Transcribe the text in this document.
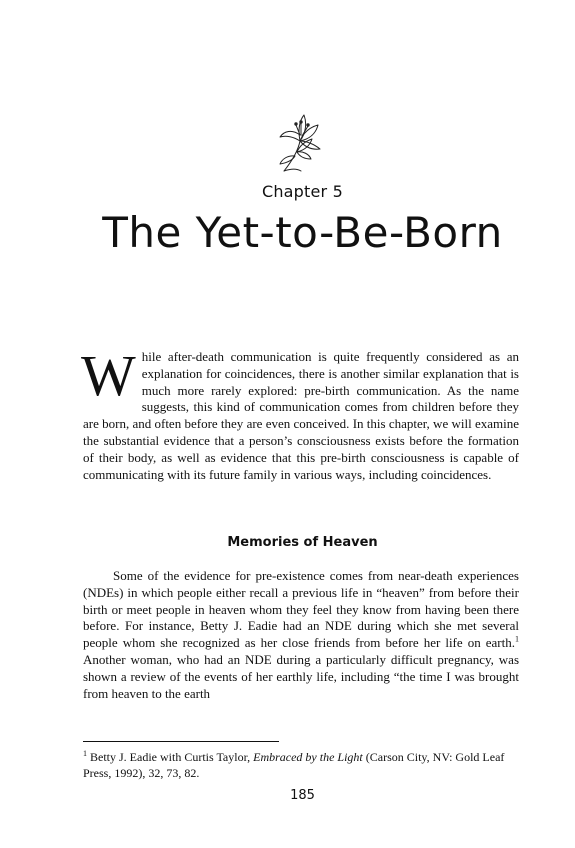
Chapter 5
The Yet-to-Be-Born

While after-death communication is quite frequently considered as an explanation for coincidences, there is another similar explanation that is much more rarely explored: pre-birth communication. As the name suggests, this kind of communication comes from children before they are born, and often before they are even conceived. In this chapter, we will examine the substantial evidence that a person’s consciousness exists before the formation of their body, as well as evidence that this pre-birth consciousness is capable of communicating with its future family in various ways, including coincidences.

Memories of Heaven

Some of the evidence for pre-existence comes from near-death experiences (NDEs) in which people either recall a previous life in “heaven” from before their birth or meet people in heaven whom they feel they know from having been there before. For instance, Betty J. Eadie had an NDE during which she met several people whom she recognized as her close friends from before her life on earth.$^1$ Another woman, who had an NDE during a particularly difficult pregnancy, was shown a review of the events of her earthly life, including “the time I was brought from heaven to the earth

$^1$ Betty J. Eadie with Curtis Taylor, Embraced by the Light (Carson City, NV: Gold Leaf Press, 1992), 32, 73, 82.

185
